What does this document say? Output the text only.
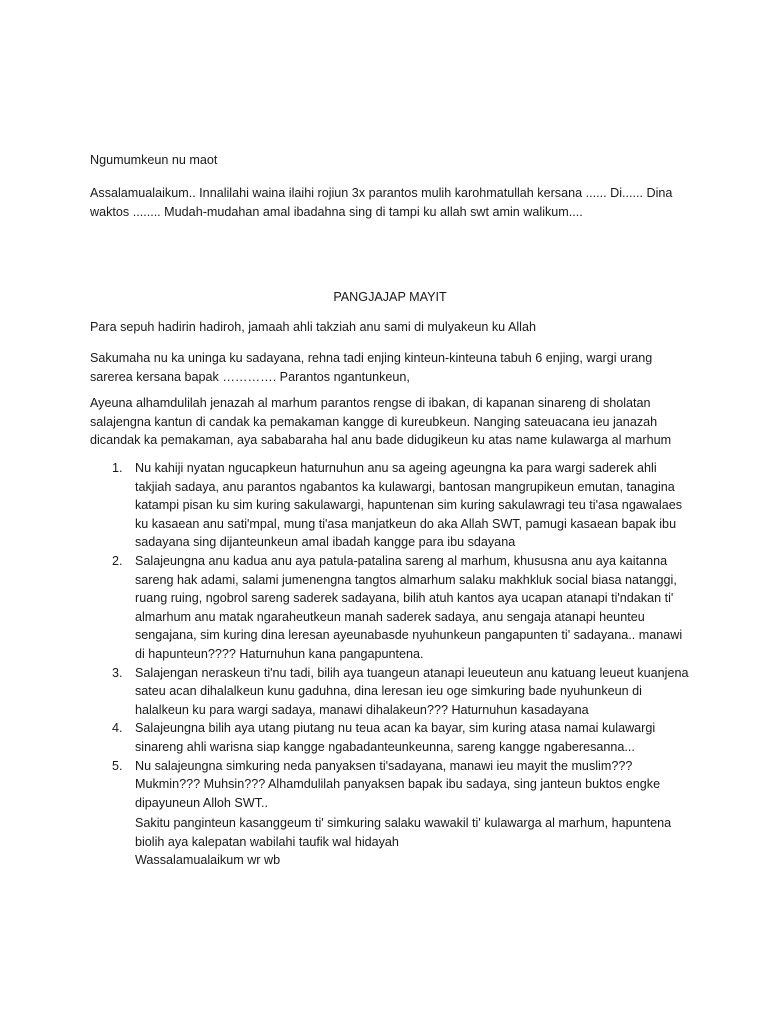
Ngumumkeun nu maot

Assalamualaikum.. Innalilahi waina ilaihi rojiun 3x parantos mulih karohmatullah kersana ...... Di...... Dina waktos ........ Mudah-mudahan amal ibadahna sing di tampi ku allah swt amin walikum....

PANGJAJAP MAYIT

Para sepuh hadirin hadiroh, jamaah ahli takziah anu sami di mulyakeun ku Allah

Sakumaha nu ka uninga ku sadayana, rehna tadi enjing kinteun-kinteuna tabuh 6 enjing, wargi urang sarerea kersana bapak …………. Parantos ngantunkeun,

Ayeuna alhamdulilah jenazah al marhum parantos rengse di ibakan, di kapanan sinareng di sholatan salajengna kantun di candak ka pemakaman kangge di kureubkeun. Nanging sateuacana ieu janazah dicandak ka pemakaman, aya sababaraha hal anu bade didugikeun ku atas name kulawarga al marhum

1. Nu kahiji nyatan ngucapkeun haturnuhun anu sa ageing ageungna ka para wargi saderek ahli takjiah sadaya, anu parantos ngabantos ka kulawargi, bantosan mangrupikeun emutan, tanagina katampi pisan ku sim kuring sakulawargi, hapuntenan sim kuring sakulawragi teu ti'asa ngawalaes ku kasaean anu sati'mpal, mung ti'asa manjatkeun do aka Allah SWT, pamugi kasaean bapak ibu sadayana sing dijanteunkeun amal ibadah kangge para ibu sdayana
2. Salajeungna anu kadua anu aya patula-patalina sareng al marhum, khususna anu aya kaitanna sareng hak adami, salami jumenengna tangtos almarhum salaku makhkluk social biasa natanggi, ruang ruing, ngobrol sareng saderek sadayana, bilih atuh kantos aya ucapan atanapi ti'ndakan ti' almarhum anu matak ngaraheutkeun manah saderek sadaya, anu sengaja atanapi heunteu sengajana, sim kuring dina leresan ayeunabasde nyuhunkeun pangapunten ti' sadayana.. manawi di hapunteun???? Haturnuhun kana pangapuntena.
3. Salajengan neraskeun ti'nu tadi, bilih aya tuangeun atanapi leueuteun anu katuang leueut kuanjena sateu acan dihalalkeun kunu gaduhna, dina leresan ieu oge simkuring bade nyuhunkeun di halalkeun ku para wargi sadaya, manawi dihalakeun??? Haturnuhun kasadayana
4. Salajeungna bilih aya utang piutang nu teua acan ka bayar, sim kuring atasa namai kulawargi sinareng ahli warisna siap kangge ngabadanteunkeunna, sareng kangge ngaberesanna...
5. Nu salajeungna simkuring neda panyaksen ti'sadayana, manawi ieu mayit the muslim??? Mukmin??? Muhsin??? Alhamdulilah panyaksen bapak ibu sadaya, sing janteun buktos engke dipayuneun Alloh SWT..

Sakitu panginteun kasanggeum ti' simkuring salaku wawakil ti' kulawarga al marhum, hapuntena biolih aya kalepatan wabilahi taufik wal hidayah

Wassalamualaikum wr wb
